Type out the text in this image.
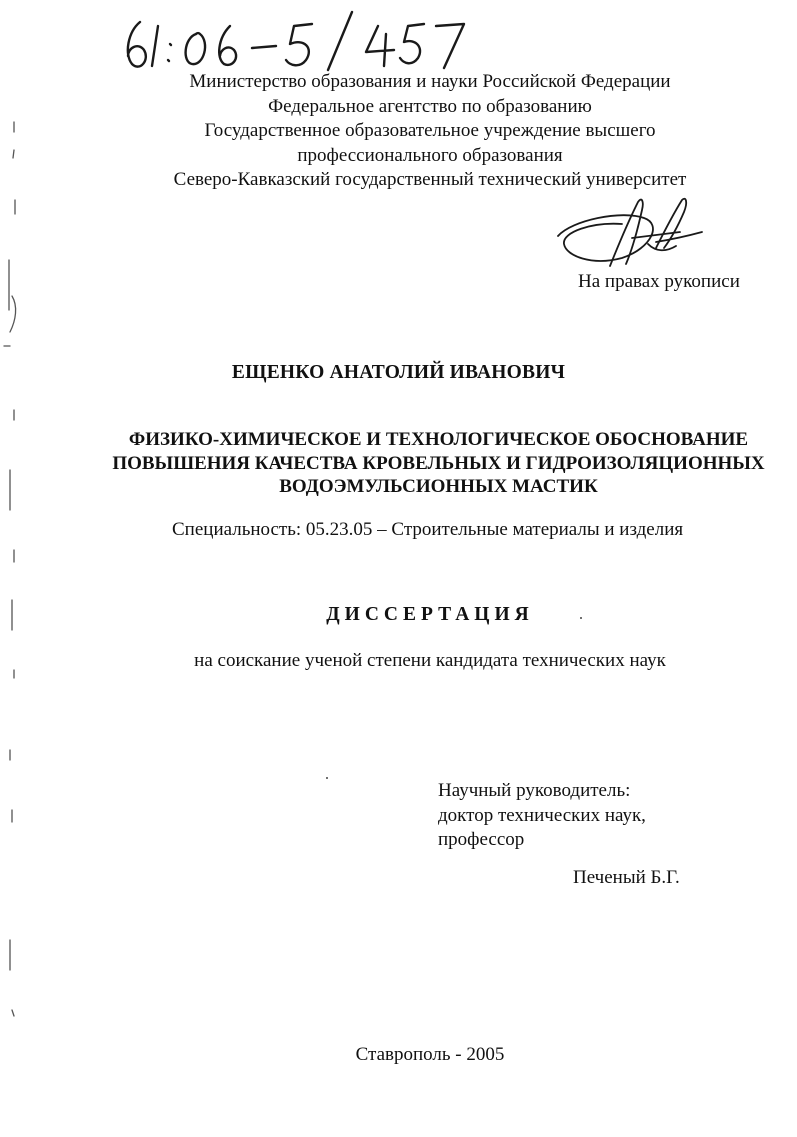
Министерство образования и науки Российской Федерации
Федеральное агентство по образованию
Государственное образовательное учреждение высшего
профессионального образования
Северо-Кавказский государственный технический университет
На правах рукописи
ЕЩЕНКО АНАТОЛИЙ ИВАНОВИЧ
ФИЗИКО-ХИМИЧЕСКОЕ И ТЕХНОЛОГИЧЕСКОЕ ОБОСНОВАНИЕ
ПОВЫШЕНИЯ КАЧЕСТВА КРОВЕЛЬНЫХ И ГИДРОИЗОЛЯЦИОННЫХ
ВОДОЭМУЛЬСИОННЫХ МАСТИК
Специальность: 05.23.05 – Строительные материалы и изделия
ДИССЕРТАЦИЯ
на соискание ученой степени кандидата технических наук
Научный руководитель:
доктор технических наук,
профессор
Печеный Б.Г.
Ставрополь - 2005
